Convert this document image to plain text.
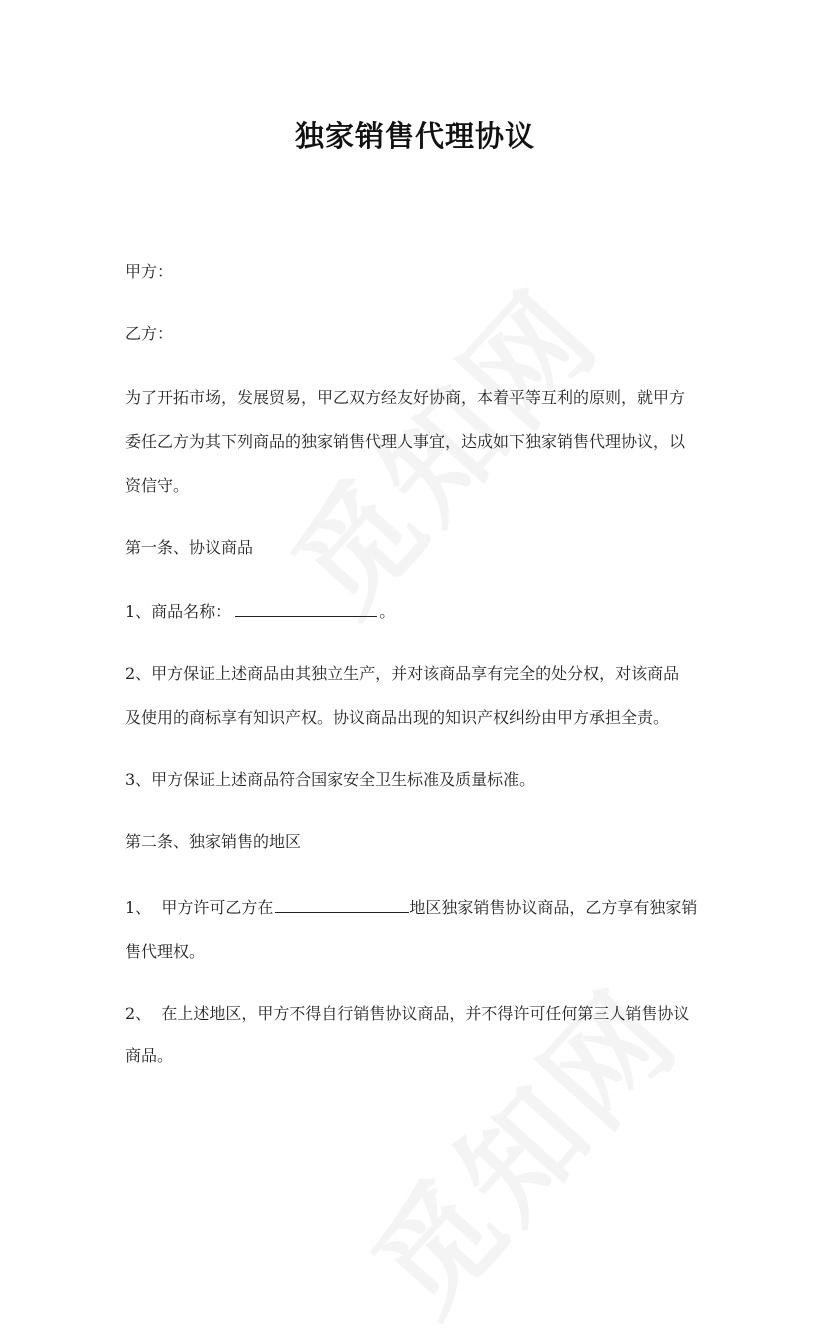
独家销售代理协议
甲方：
乙方：
为了开拓市场，发展贸易，甲乙双方经友好协商，本着平等互利的原则，就甲方
委任乙方为其下列商品的独家销售代理人事宜，达成如下独家销售代理协议，以
资信守。
第一条、协议商品
1、商品名称：	。
2、甲方保证上述商品由其独立生产，并对该商品享有完全的处分权，对该商品
及使用的商标享有知识产权。协议商品出现的知识产权纠纷由甲方承担全责。
3、甲方保证上述商品符合国家安全卫生标准及质量标准。
第二条、独家销售的地区
1、  甲方许可乙方在	地区独家销售协议商品，乙方享有独家销
售代理权。
2、  在上述地区，甲方不得自行销售协议商品，并不得许可任何第三人销售协议
商品。
